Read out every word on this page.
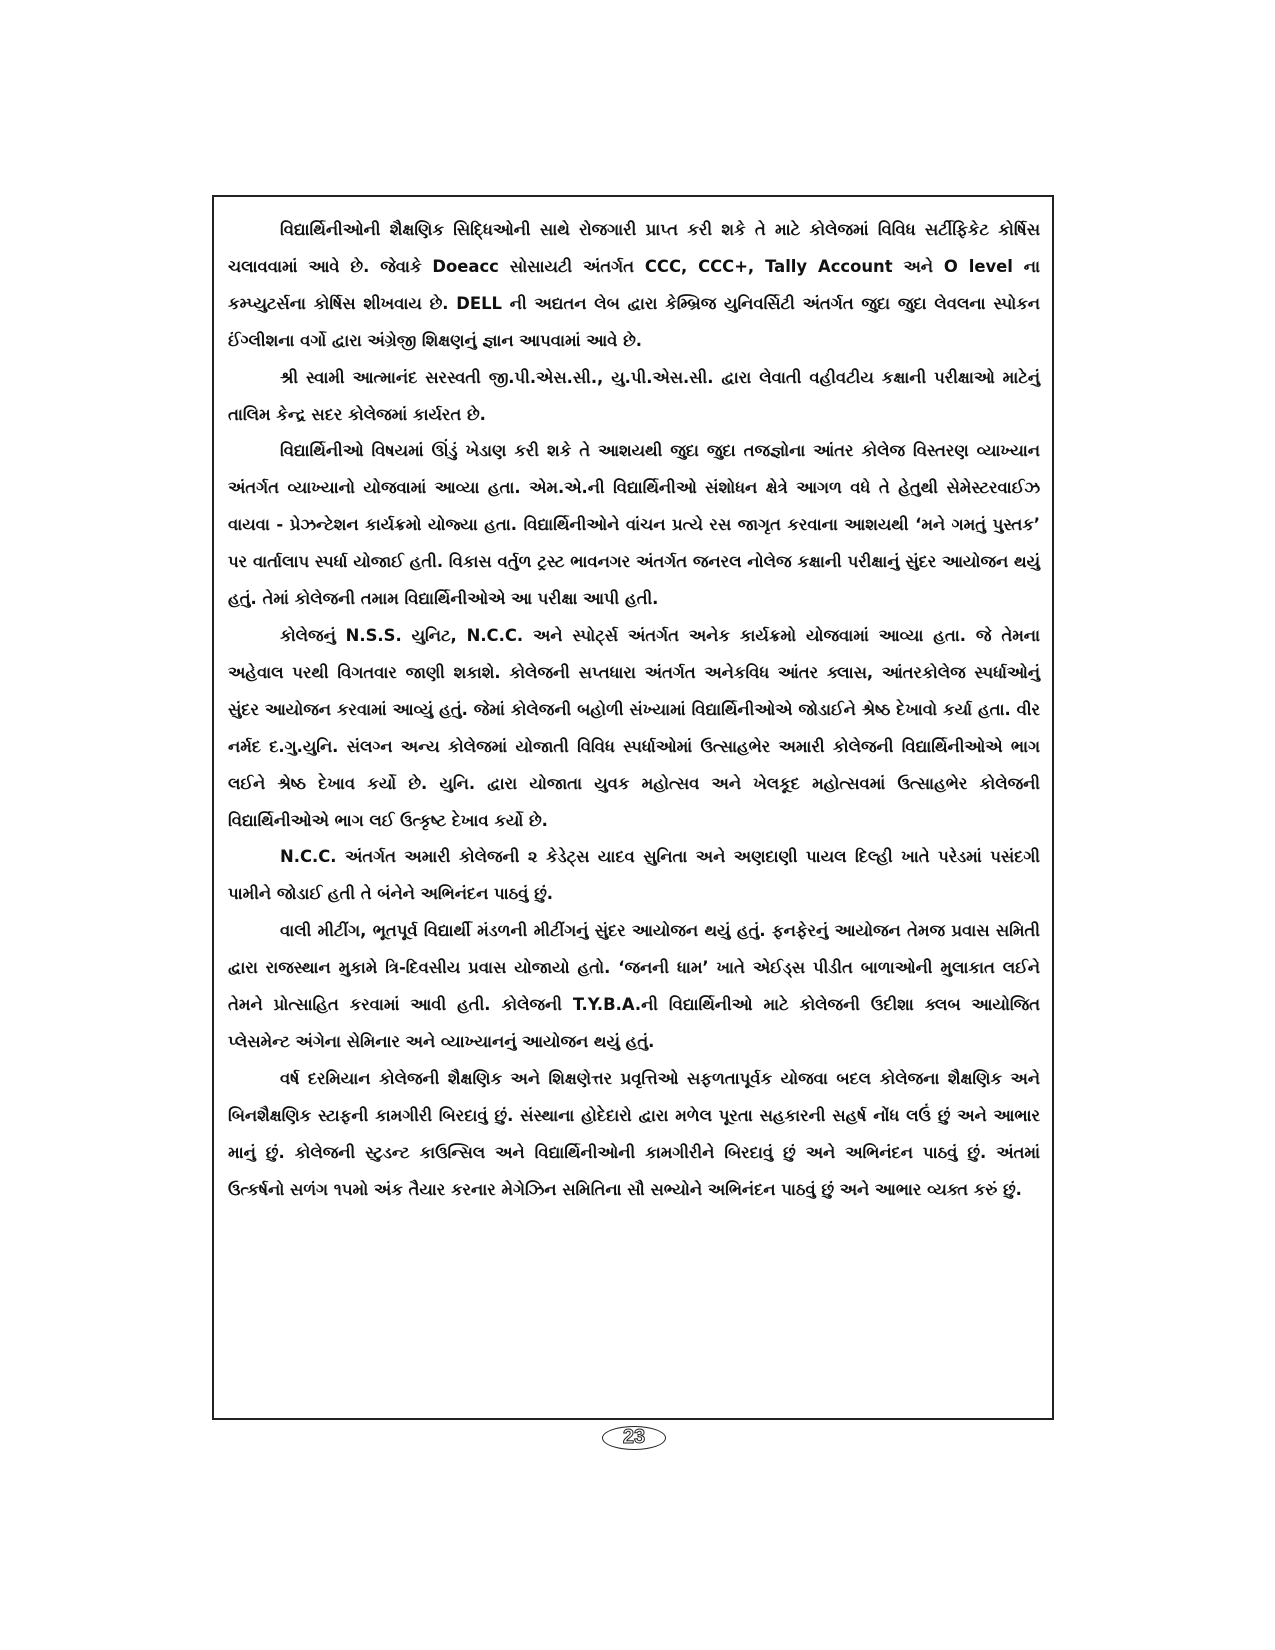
વિદ્યાર્થિનીઓની શૈક્ષણિક સિદ્ધિઓની સાથે રોજગારી પ્રાપ્ત કરી શકે તે માટે કોલેજમાં વિવિધ સર્ટીફિકેટ કોર્ષિસ ચલાવવામાં આવે છે. જેવાકે Doeacc સોસાયટી અંતર્ગત CCC, CCC+, Tally Account અને O level ના કમ્પ્યુટર્સના કોર્ષિસ શીખવાય છે. DELL ની અદ્યતન લેબ દ્વારા કેમ્બ્રિજ યુનિવર્સિટી અંતર્ગત જુદા જુદા લેવલના સ્પોકન ઈંગ્લીશના વર્ગો દ્વારા અંગ્રેજી શિક્ષણનું જ્ઞાન આપવામાં આવે છે.

શ્રી સ્વામી આત્માનંદ સરસ્વતી જી.પી.એસ.સી., યુ.પી.એસ.સી. દ્વારા લેવાતી વહીવટીય કક્ષાની પરીક્ષાઓ માટેનું તાલિમ કેન્દ્ર સદર કોલેજમાં કાર્યરત છે.

વિદ્યાર્થિનીઓ વિષયમાં ઊંડું ખેડાણ કરી શકે તે આશયથી જુદા જુદા તજજ્ઞોના આંતર કોલેજ વિસ્તરણ વ્યાખ્યાન અંતર્ગત વ્યાખ્યાનો યોજવામાં આવ્યા હતા. એમ.એ.ની વિદ્યાર્થિનીઓ સંશોધન ક્ષેત્રે આગળ વધે તે હેતુથી સેમેસ્ટરવાઈઝ વાયવા - પ્રેઝન્ટેશન કાર્યક્રમો યોજ્યા હતા. વિદ્યાર્થિનીઓને વાંચન પ્રત્યે રસ જાગૃત કરવાના આશયથી ‘મને ગમતું પુસ્તક’ પર વાર્તાલાપ સ્પર્ધા યોજાઈ હતી. વિકાસ વર્તુળ ટ્રસ્ટ ભાવનગર અંતર્ગત જનરલ નોલેજ કક્ષાની પરીક્ષાનું સુંદર આયોજન થયું હતું. તેમાં કોલેજની તમામ વિદ્યાર્થિનીઓએ આ પરીક્ષા આપી હતી.

કોલેજનું N.S.S. યુનિટ, N.C.C. અને સ્પોર્ટ્સ અંતર્ગત અનેક કાર્યક્રમો યોજવામાં આવ્યા હતા. જે તેમના અહેવાલ પરથી વિગતવાર જાણી શકાશે. કોલેજની સપ્તધારા અંતર્ગત અનેકવિધ આંતર ક્લાસ, આંતરકોલેજ સ્પર્ધાઓનું સુંદર આયોજન કરવામાં આવ્યું હતું. જેમાં કોલેજની બહોળી સંખ્યામાં વિદ્યાર્થિનીઓએ જોડાઈને શ્રેષ્ઠ દેખાવો કર્યા હતા. વીર નર્મદ દ.ગુ.યુનિ. સંલગ્ન અન્ય કોલેજમાં યોજાતી વિવિધ સ્પર્ધાઓમાં ઉત્સાહભેર અમારી કોલેજની વિદ્યાર્થિનીઓએ ભાગ લઈને શ્રેષ્ઠ દેખાવ કર્યો છે. યુનિ. દ્વારા યોજાતા યુવક મહોત્સવ અને ખેલકૂદ મહોત્સવમાં ઉત્સાહભેર કોલેજની વિદ્યાર્થિનીઓએ ભાગ લઈ ઉત્કૃષ્ટ દેખાવ કર્યો છે.

N.C.C. અંતર્ગત અમારી કોલેજની ૨ કેડેટ્સ યાદવ સુનિતા અને અણદાણી પાયલ દિલ્હી ખાતે પરેડમાં પસંદગી પામીને જોડાઈ હતી તે બંનેને અભિનંદન પાઠવું છું.

વાલી મીટીંગ, ભૂતપૂર્વ વિદ્યાર્થી મંડળની મીટીંગનું સુંદર આયોજન થયું હતું. ફનફેરનું આયોજન તેમજ પ્રવાસ સમિતી દ્વારા રાજસ્થાન મુકામે ત્રિ-દિવસીય પ્રવાસ યોજાયો હતો. ‘જનની ધામ’ ખાતે એઈડ્સ પીડીત બાળાઓની મુલાકાત લઈને તેમને પ્રોત્સાહિત કરવામાં આવી હતી. કોલેજની T.Y.B.A.ની વિદ્યાર્થિનીઓ માટે કોલેજની ઉદીશા ક્લબ આયોજિત પ્લેસમેન્ટ અંગેના સેમિનાર અને વ્યાખ્યાનનું આયોજન થયું હતું.

વર્ષ દરમિયાન કોલેજની શૈક્ષણિક અને શિક્ષણેત્તર પ્રવૃત્તિઓ સફળતાપૂર્વક યોજવા બદલ કોલેજના શૈક્ષણિક અને બિનશૈક્ષણિક સ્ટાફની કામગીરી બિરદાવું છું. સંસ્થાના હોદેદારો દ્વારા મળેલ પૂરતા સહકારની સહર્ષ નોંધ લઉં છું અને આભાર માનું છું. કોલેજની સ્ટુડન્ટ કાઉન્સિલ અને વિદ્યાર્થિનીઓની કામગીરીને બિરદાવું છું અને અભિનંદન પાઠવું છું. અંતમાં ઉત્કર્ષનો સળંગ ૧૫મો અંક તૈયાર કરનાર મેગેઝિન સમિતિના સૌ સભ્યોને અભિનંદન પાઠવું છું અને આભાર વ્યક્ત કરું છું.

23
